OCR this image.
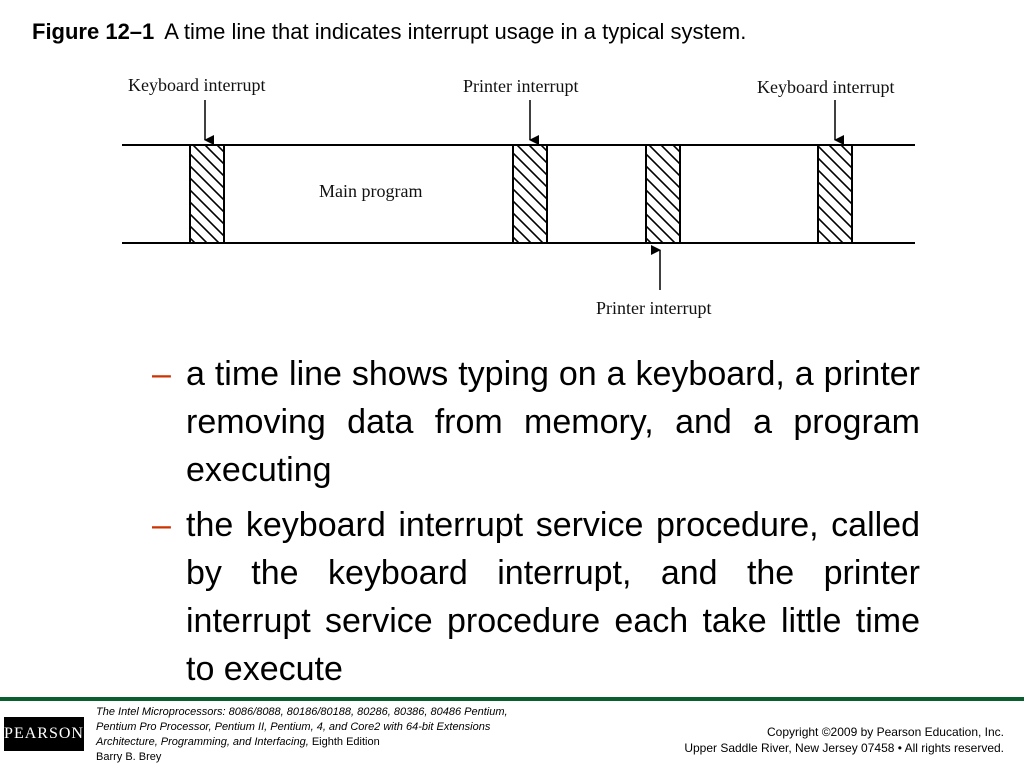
Figure 12–1 A time line that indicates interrupt usage in a typical system.
Keyboard interrupt	Printer interrupt	Keyboard interrupt
Main program
Printer interrupt
– a time line shows typing on a keyboard, a printer removing data from memory, and a program executing
– the keyboard interrupt service procedure, called by the keyboard interrupt, and the printer interrupt service procedure each take little time to execute
PEARSON
The Intel Microprocessors: 8086/8088, 80186/80188, 80286, 80386, 80486 Pentium,
Pentium Pro Processor, Pentium II, Pentium, 4, and Core2 with 64-bit Extensions
Architecture, Programming, and Interfacing, Eighth Edition
Barry B. Brey
Copyright ©2009 by Pearson Education, Inc.
Upper Saddle River, New Jersey 07458 • All rights reserved.
